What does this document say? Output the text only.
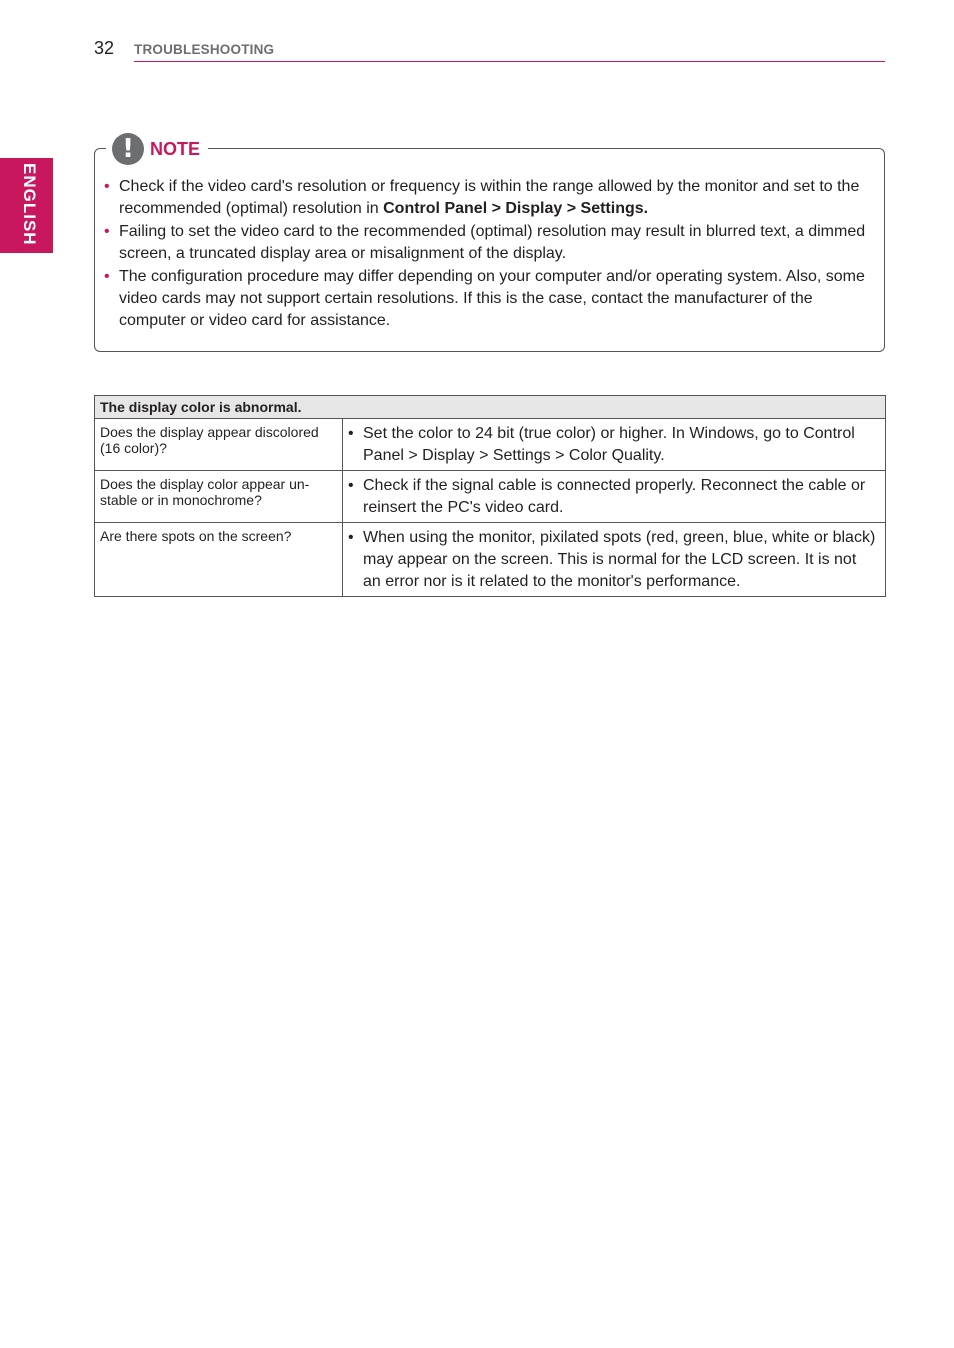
32 TROUBLESHOOTING
ENGLISH
! NOTE
• Check if the video card's resolution or frequency is within the range allowed by the monitor and set to the recommended (optimal) resolution in Control Panel > Display > Settings.
• Failing to set the video card to the recommended (optimal) resolution may result in blurred text, a dimmed screen, a truncated display area or misalignment of the display.
• The configuration procedure may differ depending on your computer and/or operating system. Also, some video cards may not support certain resolutions. If this is the case, contact the manufacturer of the computer or video card for assistance.
The display color is abnormal.	
Does the display appear discolored (16 color)?	• Set the color to 24 bit (true color) or higher. In Windows, go to Control Panel > Display > Settings > Color Quality.

Does the display color appear un-stable or in monochrome?	• Check if the signal cable is connected properly. Reconnect the cable or reinsert the PC's video card.

Are there spots on the screen?	• When using the monitor, pixilated spots (red, green, blue, white or black) may appear on the screen. This is normal for the LCD screen. It is not an error nor is it related to the monitor's performance.
